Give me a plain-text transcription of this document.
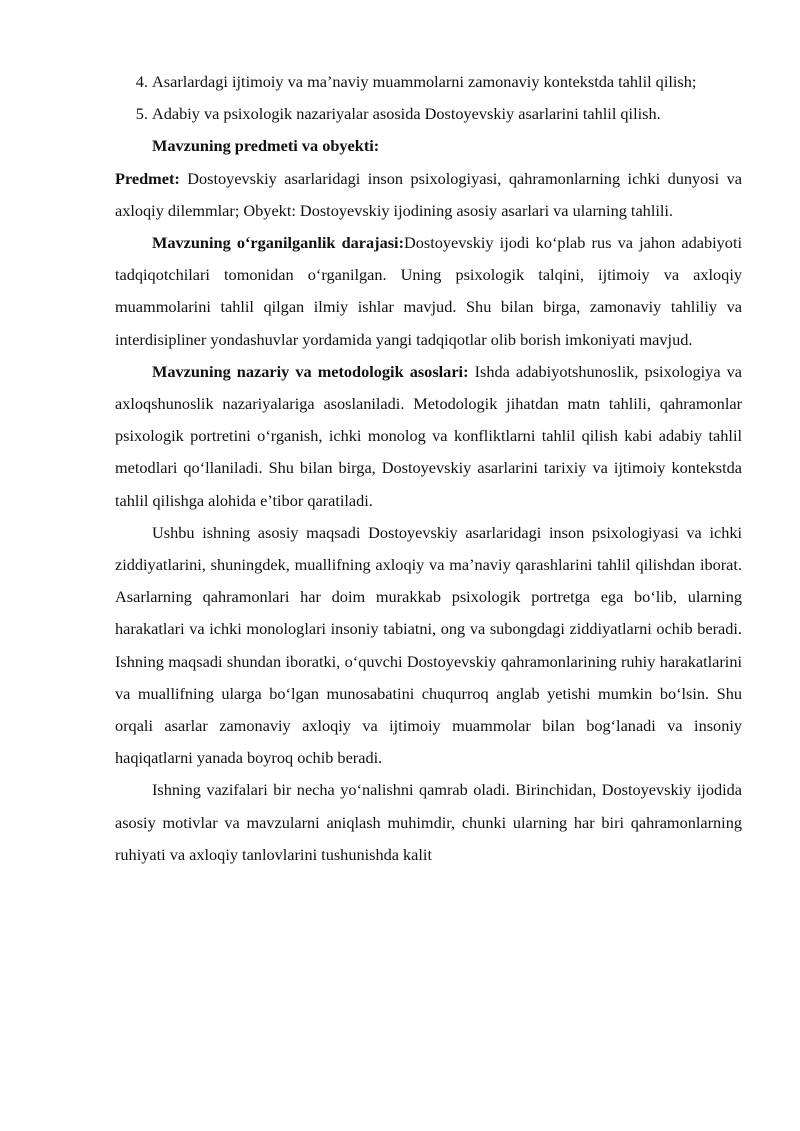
4. Asarlardagi ijtimoiy va ma’naviy muammolarni zamonaviy kontekstda tahlil qilish;
5. Adabiy va psixologik nazariyalar asosida Dostoyevskiy asarlarini tahlil qilish.

Mavzuning predmeti va obyekti:

Predmet: Dostoyevskiy asarlaridagi inson psixologiyasi, qahramonlarning ichki dunyosi va axloqiy dilemmlar; Obyekt: Dostoyevskiy ijodining asosiy asarlari va ularning tahlili.

Mavzuning o‘rganilganlik darajasi:Dostoyevskiy ijodi ko‘plab rus va jahon adabiyoti tadqiqotchilari tomonidan o‘rganilgan. Uning psixologik talqini, ijtimoiy va axloqiy muammolarini tahlil qilgan ilmiy ishlar mavjud. Shu bilan birga, zamonaviy tahliliy va interdisipliner yondashuvlar yordamida yangi tadqiqotlar olib borish imkoniyati mavjud.

Mavzuning nazariy va metodologik asoslari: Ishda adabiyotshunoslik, psixologiya va axloqshunoslik nazariyalariga asoslaniladi. Metodologik jihatdan matn tahlili, qahramonlar psixologik portretini o‘rganish, ichki monolog va konfliktlarni tahlil qilish kabi adabiy tahlil metodlari qo‘llaniladi. Shu bilan birga, Dostoyevskiy asarlarini tarixiy va ijtimoiy kontekstda tahlil qilishga alohida e’tibor qaratiladi.

Ushbu ishning asosiy maqsadi Dostoyevskiy asarlaridagi inson psixologiyasi va ichki ziddiyatlarini, shuningdek, muallifning axloqiy va ma’naviy qarashlarini tahlil qilishdan iborat. Asarlarning qahramonlari har doim murakkab psixologik portretga ega bo‘lib, ularning harakatlari va ichki monologlari insoniy tabiatni, ong va subongdagi ziddiyatlarni ochib beradi. Ishning maqsadi shundan iboratki, o‘quvchi Dostoyevskiy qahramonlarining ruhiy harakatlarini va muallifning ularga bo‘lgan munosabatini chuqurroq anglab yetishi mumkin bo‘lsin. Shu orqali asarlar zamonaviy axloqiy va ijtimoiy muammolar bilan bog‘lanadi va insoniy haqiqatlarni yanada boyroq ochib beradi.

Ishning vazifalari bir necha yo‘nalishni qamrab oladi. Birinchidan, Dostoyevskiy ijodida asosiy motivlar va mavzularni aniqlash muhimdir, chunki ularning har biri qahramonlarning ruhiyati va axloqiy tanlovlarini tushunishda kalit
